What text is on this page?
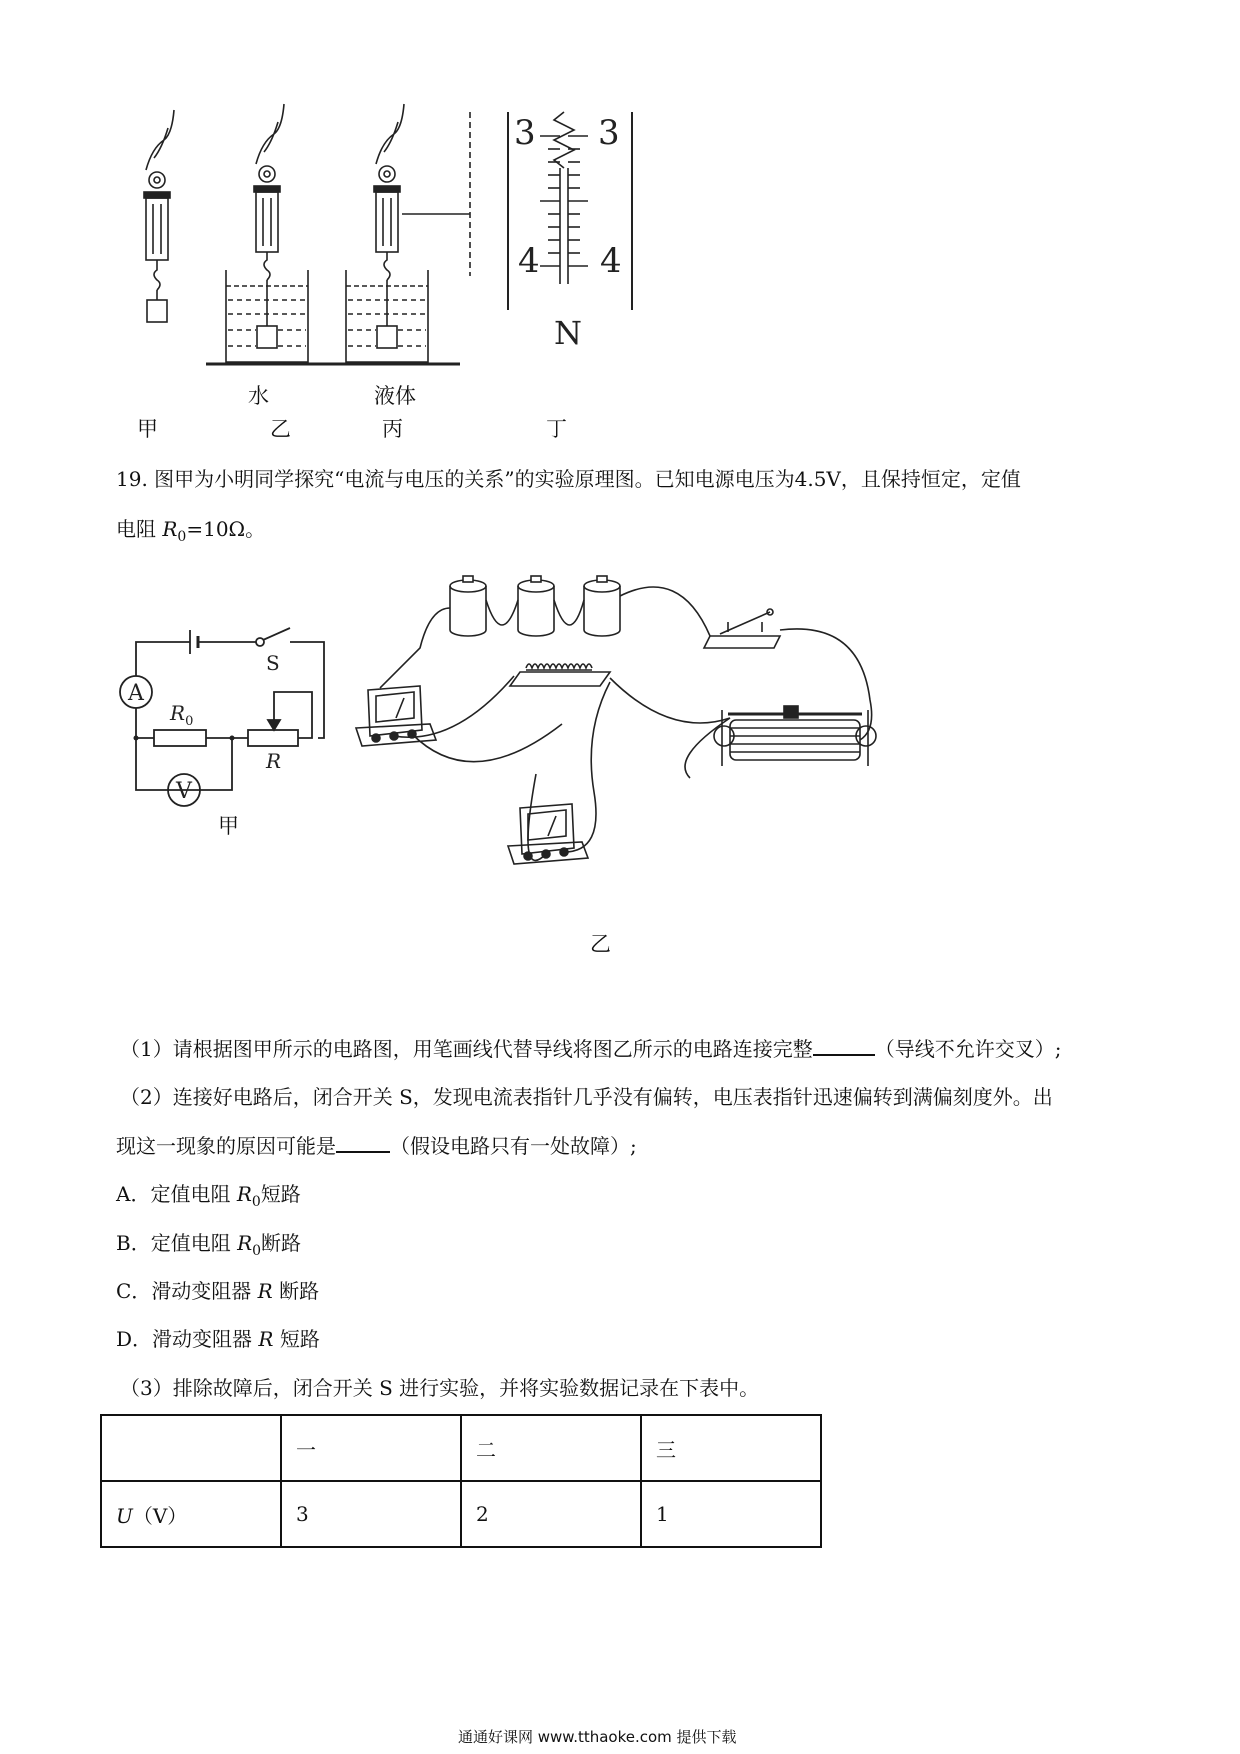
3 3
4 4
N
水	液体
甲	乙	丙	丁
19. 图甲为小明同学探究“电流与电压的关系”的实验原理图。已知电源电压为4.5V，且保持恒定，定值
电阻 $R_0=10\Omega$。
A
V
S
$R_0$
R
甲
乙
（1）请根据图甲所示的电路图，用笔画线代替导线将图乙所示的电路连接完整	（导线不允许交叉）;
（2）连接好电路后，闭合开关 S，发现电流表指针几乎没有偏转，电压表指针迅速偏转到满偏刻度外。出
现这一现象的原因可能是	（假设电路只有一处故障）;
A．定值电阻 $R_0$短路
B．定值电阻 $R_0$断路
C．滑动变阻器 R 断路
D．滑动变阻器 R 短路
（3）排除故障后，闭合开关 S 进行实验，并将实验数据记录在下表中。
	一	二	三
U（V）	3	2	1
通通好课网 www.tthaoke.com 提供下载
